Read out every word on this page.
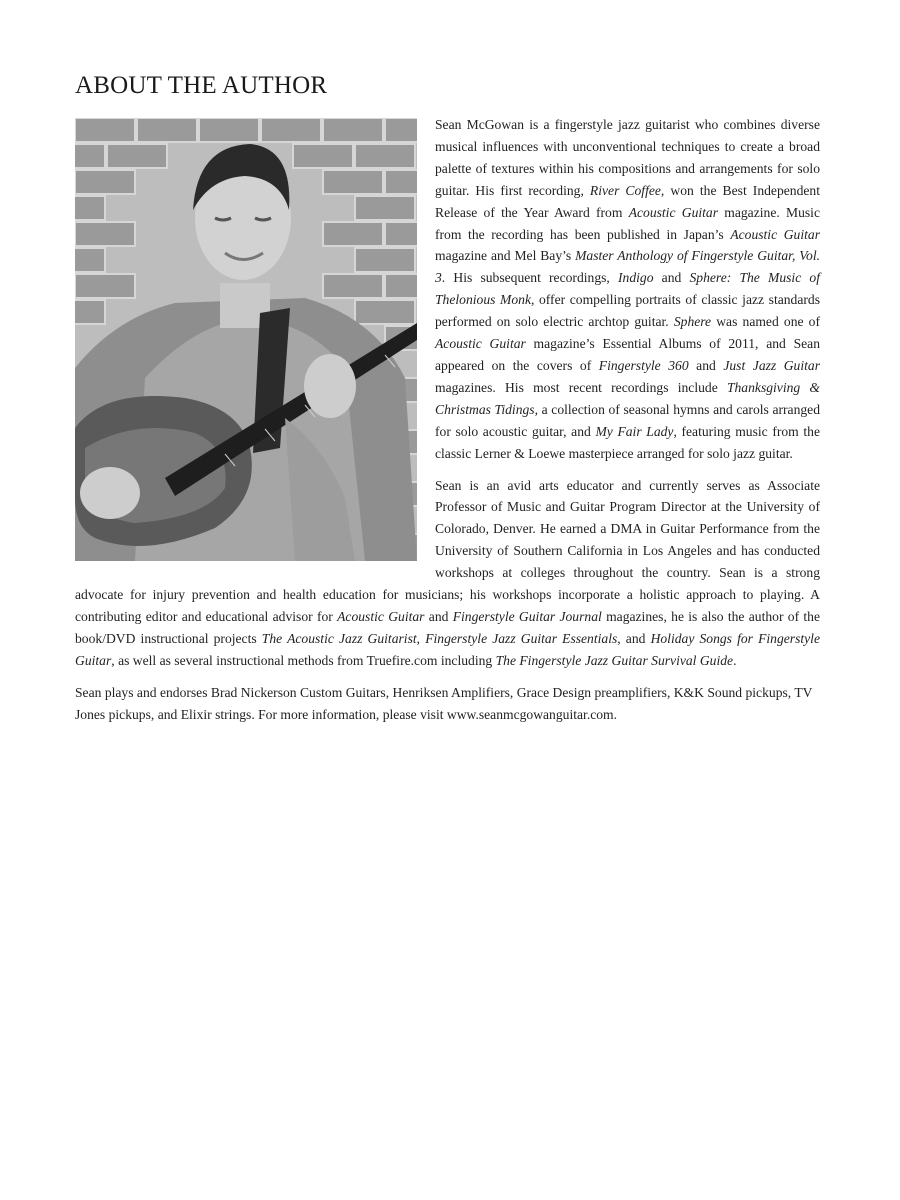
ABOUT THE AUTHOR

Sean McGowan is a fingerstyle jazz guitarist who combines diverse musical influences with unconventional techniques to create a broad palette of textures within his compositions and arrangements for solo guitar. His first recording, River Coffee, won the Best Independent Release of the Year Award from Acoustic Guitar magazine. Music from the recording has been published in Japan’s Acoustic Guitar magazine and Mel Bay’s Master Anthology of Fingerstyle Guitar, Vol. 3. His subsequent recordings, Indigo and Sphere: The Music of Thelonious Monk, offer compelling portraits of classic jazz standards performed on solo electric archtop guitar. Sphere was named one of Acoustic Guitar magazine’s Essential Albums of 2011, and Sean appeared on the covers of Fingerstyle 360 and Just Jazz Guitar magazines. His most recent recordings include Thanksgiving & Christmas Tidings, a collection of seasonal hymns and carols arranged for solo acoustic guitar, and My Fair Lady, featuring music from the classic Lerner & Loewe masterpiece arranged for solo jazz guitar.

Sean is an avid arts educator and currently serves as Associate Professor of Music and Guitar Program Director at the University of Colorado, Denver. He earned a DMA in Guitar Performance from the University of Southern California in Los Angeles and has conducted workshops at colleges throughout the country. Sean is a strong advocate for injury prevention and health education for musicians; his workshops incorporate a holistic approach to playing. A contributing editor and educational advisor for Acoustic Guitar and Fingerstyle Guitar Journal magazines, he is also the author of the book/DVD instructional projects The Acoustic Jazz Guitarist, Fingerstyle Jazz Guitar Essentials, and Holiday Songs for Fingerstyle Guitar, as well as several instructional methods from Truefire.com including The Fingerstyle Jazz Guitar Survival Guide.

Sean plays and endorses Brad Nickerson Custom Guitars, Henriksen Amplifiers, Grace Design preamplifiers, K&K Sound pickups, TV Jones pickups, and Elixir strings. For more information, please visit www.seanmcgowanguitar.com.
